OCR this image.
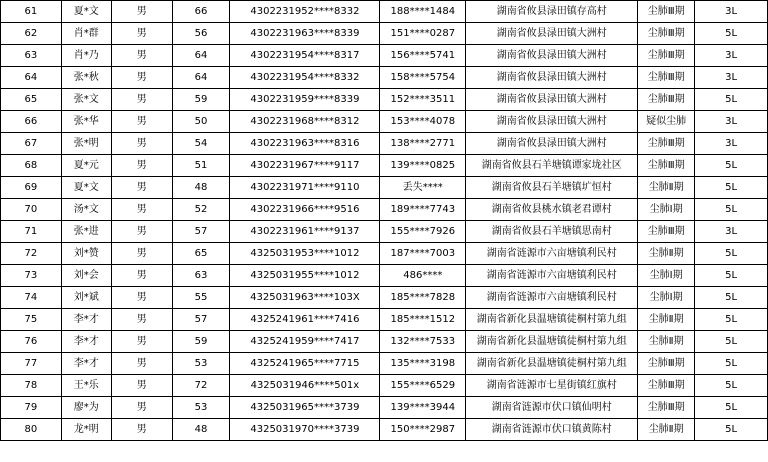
61	夏*文	男	66	4302231952****8332	188****1484	湖南省攸县渌田镇存高村	尘肺Ⅲ期	3L
62	肖*群	男	56	4302231963****8339	151****0287	湖南省攸县渌田镇大洲村	尘肺Ⅲ期	5L
63	肖*乃	男	64	4302231954****8317	156****5741	湖南省攸县渌田镇大洲村	尘肺Ⅲ期	3L
64	张*秋	男	64	4302231954****8332	158****5754	湖南省攸县渌田镇大洲村	尘肺Ⅲ期	3L
65	张*文	男	59	4302231959****8339	152****3511	湖南省攸县渌田镇大洲村	尘肺Ⅲ期	5L
66	张*华	男	50	4302231968****8312	153****4078	湖南省攸县渌田镇大洲村	疑似尘肺	3L
67	张*明	男	54	4302231963****8316	138****2771	湖南省攸县渌田镇大洲村	尘肺Ⅲ期	3L
68	夏*元	男	51	4302231967****9117	139****0825	湖南省攸县石羊塘镇谭家垅社区	尘肺Ⅲ期	5L
69	夏*文	男	48	4302231971****9110	丢失****	湖南省攸县石羊塘镇圹恒村	尘肺Ⅱ期	5L
70	汤*文	男	52	4302231966****9516	189****7743	湖南省攸县桃水镇老君谭村	尘肺Ⅰ期	5L
71	张*进	男	57	4302231961****9137	155****7926	湖南省攸县石羊塘镇思南村	尘肺Ⅲ期	3L
72	刘*赞	男	65	4325031953****1012	187****7003	湖南省涟源市六亩塘镇利民村	尘肺Ⅱ期	5L
73	刘*会	男	63	4325031955****1012	486****	湖南省涟源市六亩塘镇利民村	尘肺Ⅰ期	5L
74	刘*斌	男	55	4325031963****103X	185****7828	湖南省涟源市六亩塘镇利民村	尘肺Ⅰ期	5L
75	李*才	男	57	4325241961****7416	185****1512	湖南省新化县温塘镇徒桐村第九组	尘肺Ⅱ期	5L
76	李*才	男	59	4325241959****7417	132****7533	湖南省新化县温塘镇徒桐村第九组	尘肺Ⅱ期	5L
77	李*才	男	53	4325241965****7715	135****3198	湖南省新化县温塘镇徒桐村第九组	尘肺Ⅲ期	5L
78	王*乐	男	72	4325031946****501x	155****6529	湖南省涟源市七星街镇红旗村	尘肺Ⅲ期	5L
79	廖*为	男	53	4325031965****3739	139****3944	湖南省涟源市伏口镇仙明村	尘肺Ⅲ期	5L
80	龙*明	男	48	4325031970****3739	150****2987	湖南省涟源市伏口镇黄陈村	尘肺Ⅱ期	5L
